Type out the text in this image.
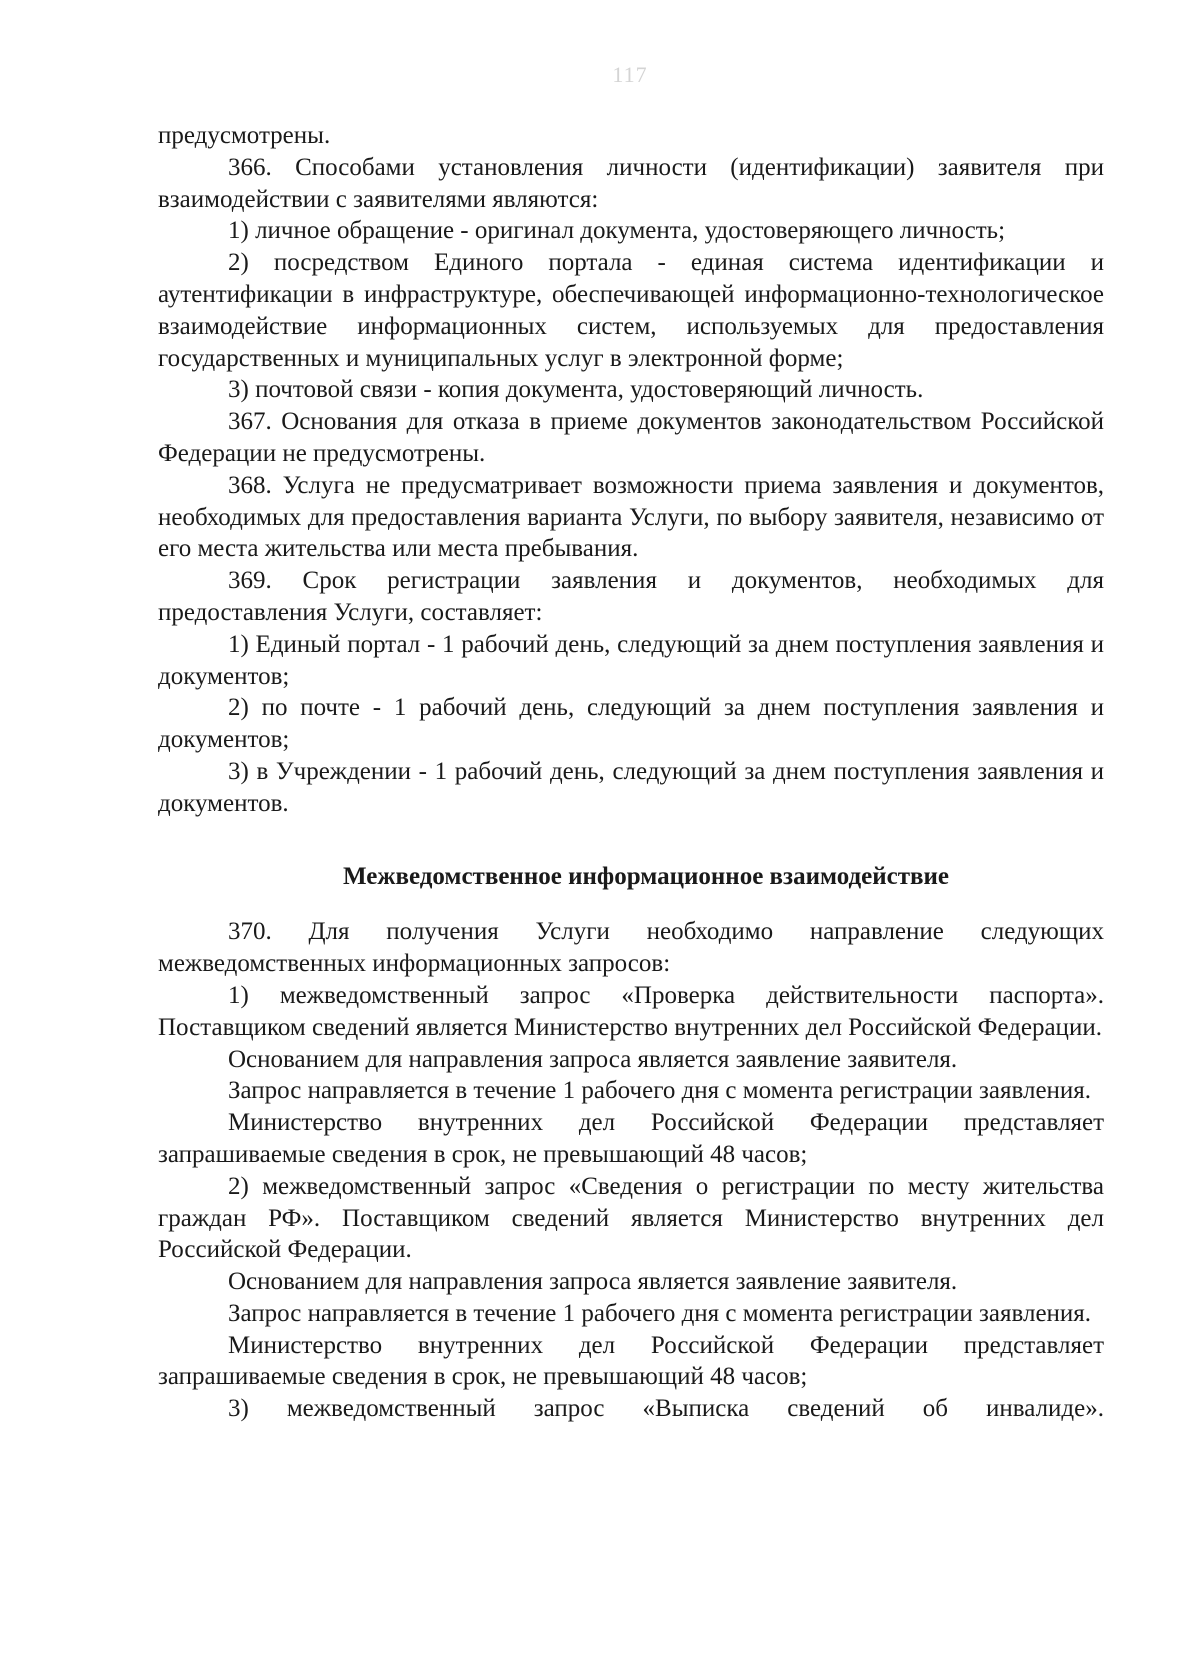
117

предусмотрены.

366. Способами установления личности (идентификации) заявителя при взаимодействии с заявителями являются:

1) личное обращение - оригинал документа, удостоверяющего личность;

2) посредством Единого портала - единая система идентификации и аутентификации в инфраструктуре, обеспечивающей информационно-технологическое взаимодействие информационных систем, используемых для предоставления государственных и муниципальных услуг в электронной форме;

3) почтовой связи - копия документа, удостоверяющий личность.

367. Основания для отказа в приеме документов законодательством Российской Федерации не предусмотрены.

368. Услуга не предусматривает возможности приема заявления и документов, необходимых для предоставления варианта Услуги, по выбору заявителя, независимо от его места жительства или места пребывания.

369. Срок регистрации заявления и документов, необходимых для предоставления Услуги, составляет:

1) Единый портал - 1 рабочий день, следующий за днем поступления заявления и документов;

2) по почте - 1 рабочий день, следующий за днем поступления заявления и документов;

3) в Учреждении - 1 рабочий день, следующий за днем поступления заявления и документов.

Межведомственное информационное взаимодействие

370. Для получения Услуги необходимо направление следующих межведомственных информационных запросов:

1) межведомственный запрос «Проверка действительности паспорта». Поставщиком сведений является Министерство внутренних дел Российской Федерации.

Основанием для направления запроса является заявление заявителя.

Запрос направляется в течение 1 рабочего дня с момента регистрации заявления.

Министерство внутренних дел Российской Федерации представляет запрашиваемые сведения в срок, не превышающий 48 часов;

2) межведомственный запрос «Сведения о регистрации по месту жительства граждан РФ». Поставщиком сведений является Министерство внутренних дел Российской Федерации.

Основанием для направления запроса является заявление заявителя.

Запрос направляется в течение 1 рабочего дня с момента регистрации заявления.

Министерство внутренних дел Российской Федерации представляет запрашиваемые сведения в срок, не превышающий 48 часов;

3) межведомственный запрос «Выписка сведений об инвалиде».
